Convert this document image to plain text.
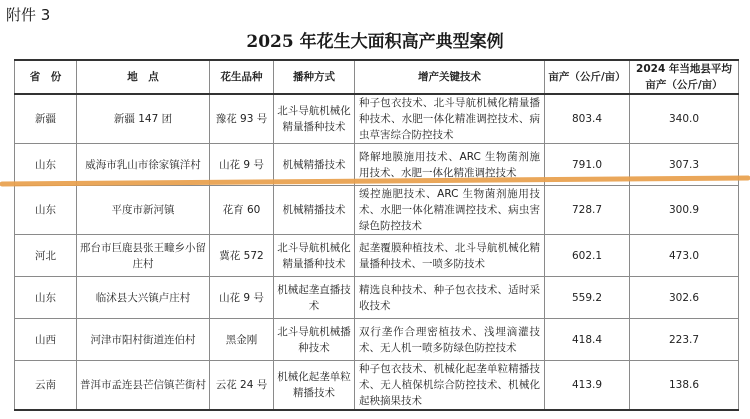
附件 3
2025 年花生大面积高产典型案例
省　份	地　点	花生品种	播种方式	增产关键技术	亩产（公斤/亩）	2024 年当地县平均亩产（公斤/亩）
新疆	新疆 147 团	豫花 93 号	北斗导航机械化精量播种技术	种子包衣技术、北斗导航机械化精量播种技术、水肥一体化精准调控技术、病虫草害综合防控技术	803.4	340.0
山东	威海市乳山市徐家镇洋村	山花 9 号	机械精播技术	降解地膜施用技术、ARC 生物菌剂施用技术、水肥一体化精准调控技术	791.0	307.3
山东	平度市新河镇	花育 60	机械精播技术	缓控施肥技术、ARC 生物菌剂施用技术、水肥一体化精准调控技术、病虫害绿色防控技术	728.7	300.9
河北	邢台市巨鹿县张王疃乡小留庄村	冀花 572	北斗导航机械化精量播种技术	起垄覆膜种植技术、北斗导航机械化精量播种技术、一喷多防技术	602.1	473.0
山东	临沭县大兴镇卢庄村	山花 9 号	机械起垄直播技术	精选良种技术、种子包衣技术、适时采收技术	559.2	302.6
山西	河津市阳村街道连伯村	黑金刚	北斗导航机械播种技术	双行垄作合理密植技术、浅埋滴灌技术、无人机一喷多防绿色防控技术	418.4	223.7
云南	普洱市孟连县芒信镇芒街村	云花 24 号	机械化起垄单粒精播技术	种子包衣技术、机械化起垄单粒精播技术、无人植保机综合防控技术、机械化起秧摘果技术	413.9	138.6
